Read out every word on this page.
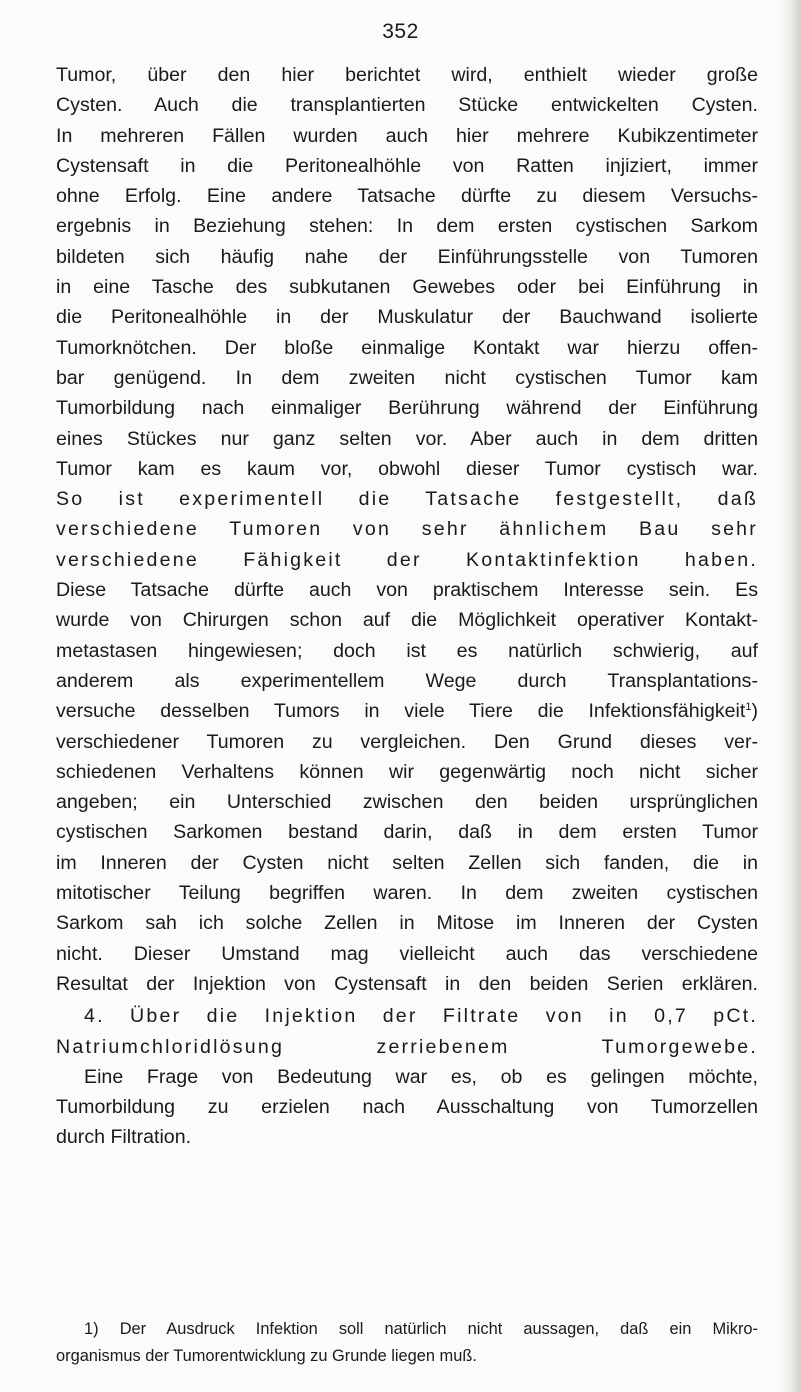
352
Tumor, über den hier berichtet wird, enthielt wieder große
Cysten. Auch die transplantierten Stücke entwickelten Cysten.
In mehreren Fällen wurden auch hier mehrere Kubikzentimeter
Cystensaft in die Peritonealhöhle von Ratten injiziert, immer
ohne Erfolg. Eine andere Tatsache dürfte zu diesem Versuchs-
ergebnis in Beziehung stehen: In dem ersten cystischen Sarkom
bildeten sich häufig nahe der Einführungsstelle von Tumoren
in eine Tasche des subkutanen Gewebes oder bei Einführung in
die Peritonealhöhle in der Muskulatur der Bauchwand isolierte
Tumorknötchen. Der bloße einmalige Kontakt war hierzu offen-
bar genügend. In dem zweiten nicht cystischen Tumor kam
Tumorbildung nach einmaliger Berührung während der Einführung
eines Stückes nur ganz selten vor. Aber auch in dem dritten
Tumor kam es kaum vor, obwohl dieser Tumor cystisch war.
So ist experimentell die Tatsache festgestellt, daß
verschiedene Tumoren von sehr ähnlichem Bau sehr
verschiedene Fähigkeit der Kontaktinfektion haben.
Diese Tatsache dürfte auch von praktischem Interesse sein. Es
wurde von Chirurgen schon auf die Möglichkeit operativer Kontakt-
metastasen hingewiesen; doch ist es natürlich schwierig, auf
anderem als experimentellem Wege durch Transplantations-
versuche desselben Tumors in viele Tiere die Infektionsfähigkeit$^1$)
verschiedener Tumoren zu vergleichen. Den Grund dieses ver-
schiedenen Verhaltens können wir gegenwärtig noch nicht sicher
angeben; ein Unterschied zwischen den beiden ursprünglichen
cystischen Sarkomen bestand darin, daß in dem ersten Tumor
im Inneren der Cysten nicht selten Zellen sich fanden, die in
mitotischer Teilung begriffen waren. In dem zweiten cystischen
Sarkom sah ich solche Zellen in Mitose im Inneren der Cysten
nicht. Dieser Umstand mag vielleicht auch das verschiedene
Resultat der Injektion von Cystensaft in den beiden Serien erklären.
4. Über die Injektion der Filtrate von in 0,7 pCt.
Natriumchloridlösung zerriebenem Tumorgewebe.
Eine Frage von Bedeutung war es, ob es gelingen möchte,
Tumorbildung zu erzielen nach Ausschaltung von Tumorzellen
durch Filtration.
1) Der Ausdruck Infektion soll natürlich nicht aussagen, daß ein Mikro-
organismus der Tumorentwicklung zu Grunde liegen muß.
